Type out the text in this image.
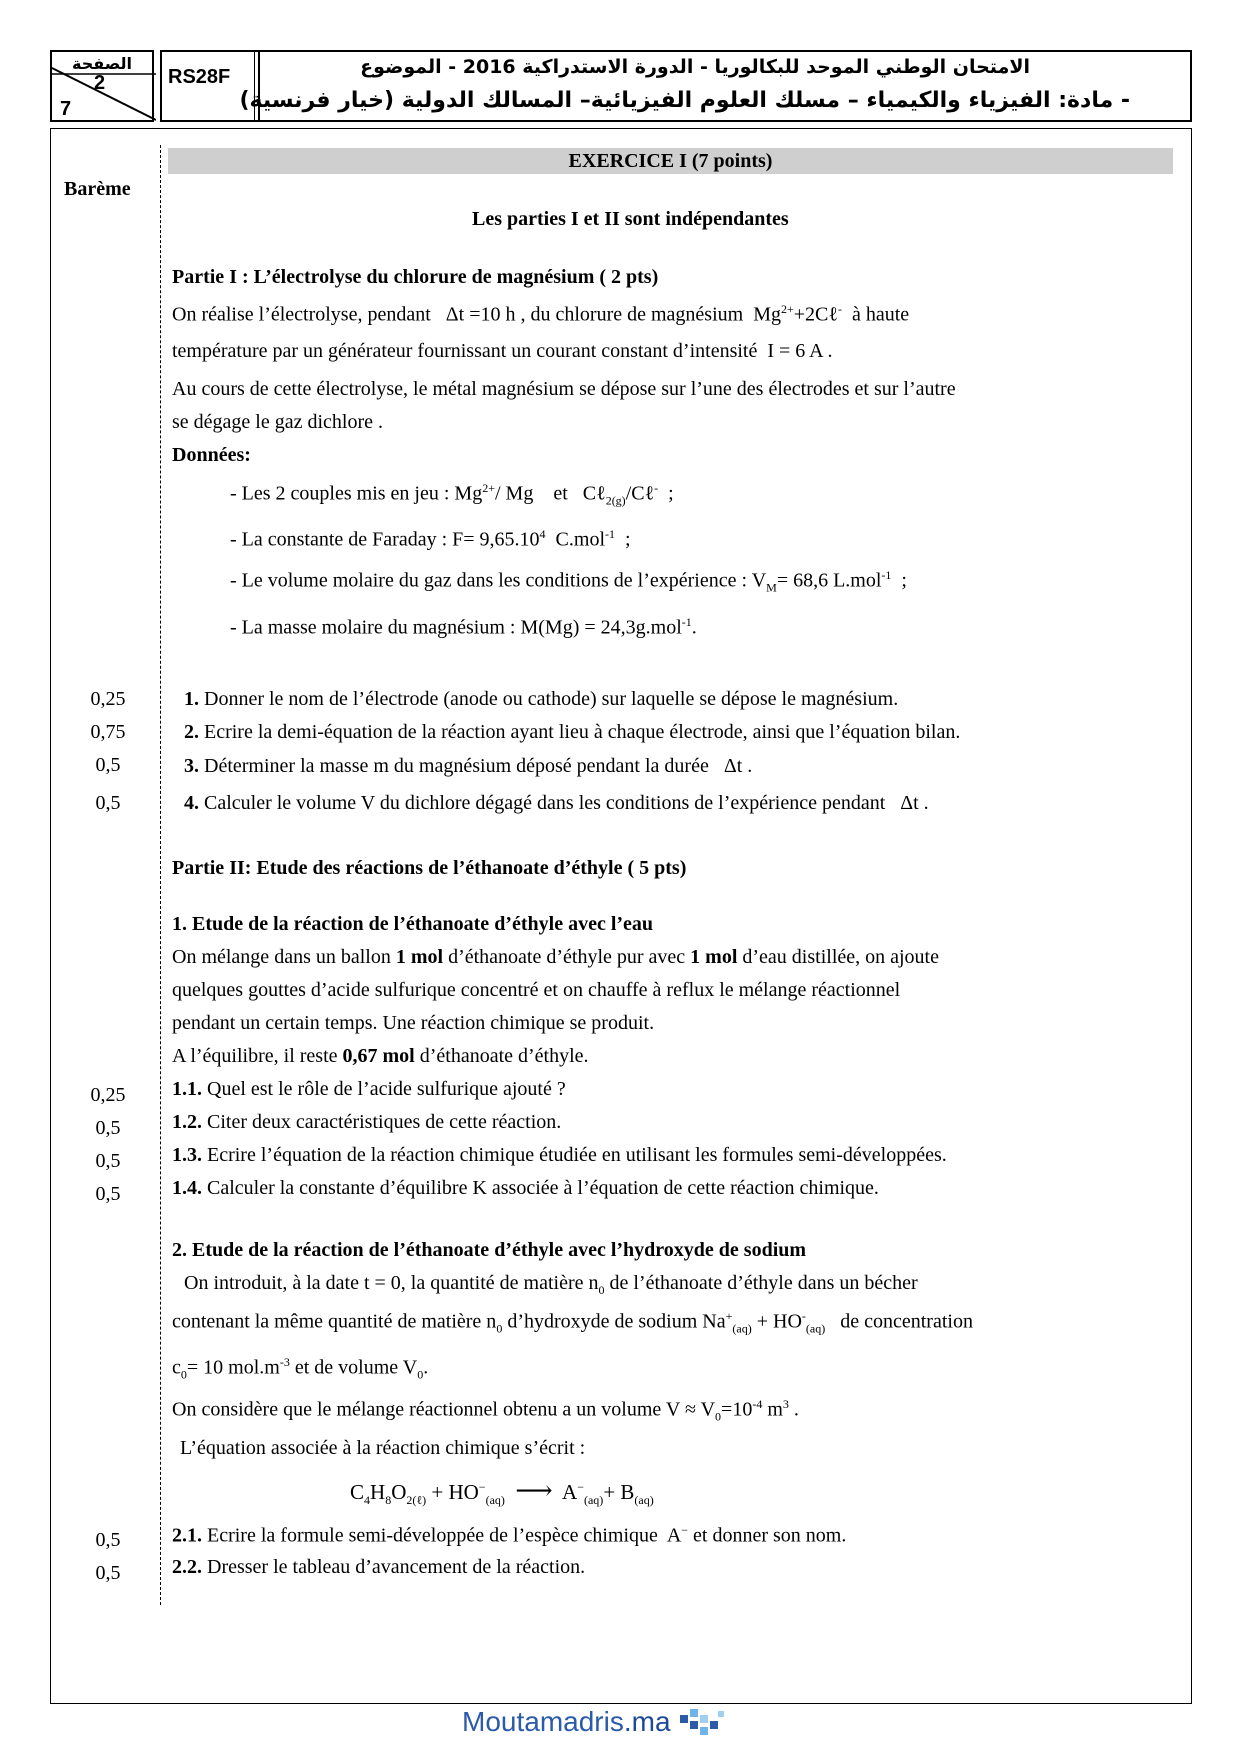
الصفحة
2
7
RS28F	الامتحان الوطني الموحد للبكالوريا - الدورة الاستدراكية 2016 - الموضوع
- مادة: الفيزياء والكيمياء – مسلك العلوم الفيزيائية– المسالك الدولية (خيار فرنسية)
EXERCICE I (7 points)
Barème
Les parties I et II sont indépendantes
Partie I : L’électrolyse du chlorure de magnésium ( 2 pts)
On réalise l’électrolyse, pendant Δt =10 h , du chlorure de magnésium $Mg^{2+}+2C\ell^-$ à haute
température par un générateur fournissant un courant constant d’intensité I = 6 A .
Au cours de cette électrolyse, le métal magnésium se dépose sur l’une des électrodes et sur l’autre
se dégage le gaz dichlore .
Données:
- Les 2 couples mis en jeu : $Mg^{2+}/$ Mg et Cℓ$_{2(g)}$/Cℓ- ;
- La constante de Faraday : $F= 9,65.10^4$ C.mol$^{-1}$ ;
- Le volume molaire du gaz dans les conditions de l’expérience : $V_M= 68,6$ L.mol$^{-1}$ ;
- La masse molaire du magnésium : M(Mg) = 24,3g.mol$^{-1}$.
0,25	1. Donner le nom de l’électrode (anode ou cathode) sur laquelle se dépose le magnésium.
0,75	2. Ecrire la demi-équation de la réaction ayant lieu à chaque électrode, ainsi que l’équation bilan.
0,5	3. Déterminer la masse m du magnésium déposé pendant la durée Δt .
0,5	4. Calculer le volume V du dichlore dégagé dans les conditions de l’expérience pendant Δt .
Partie II: Etude des réactions de l’éthanoate d’éthyle ( 5 pts)
1. Etude de la réaction de l’éthanoate d’éthyle avec l’eau
On mélange dans un ballon 1 mol d’éthanoate d’éthyle pur avec 1 mol d’eau distillée, on ajoute
quelques gouttes d’acide sulfurique concentré et on chauffe à reflux le mélange réactionnel
pendant un certain temps. Une réaction chimique se produit.
A l’équilibre, il reste 0,67 mol d’éthanoate d’éthyle.
0,25	1.1. Quel est le rôle de l’acide sulfurique ajouté ?
0,5	1.2. Citer deux caractéristiques de cette réaction.
0,5	1.3. Ecrire l’équation de la réaction chimique étudiée en utilisant les formules semi-développées.
0,5	1.4. Calculer la constante d’équilibre K associée à l’équation de cette réaction chimique.
2. Etude de la réaction de l’éthanoate d’éthyle avec l’hydroxyde de sodium
On introduit, à la date t = 0, la quantité de matière $n_0$ de l’éthanoate d’éthyle dans un bécher
contenant la même quantité de matière $n_0$ d’hydroxyde de sodium $Na^+_{(aq)} + HO^-_{(aq)}$ de concentration
$c_0= 10$ $mol.m^{-3}$ et de volume $V_0$.
On considère que le mélange réactionnel obtenu a un volume $V \approx V_0=10^{-4}$ $m^3$ .
L’équation associée à la réaction chimique s’écrit :
$C_4H_8O_{2(\ell)} + HO^-_{(aq)}$ ⟶ $A^-_{(aq)}+ B_{(aq)}$
0,5	2.1. Ecrire la formule semi-développée de l’espèce chimique A− et donner son nom.
0,5	2.2. Dresser le tableau d’avancement de la réaction.
Moutamadris.ma
